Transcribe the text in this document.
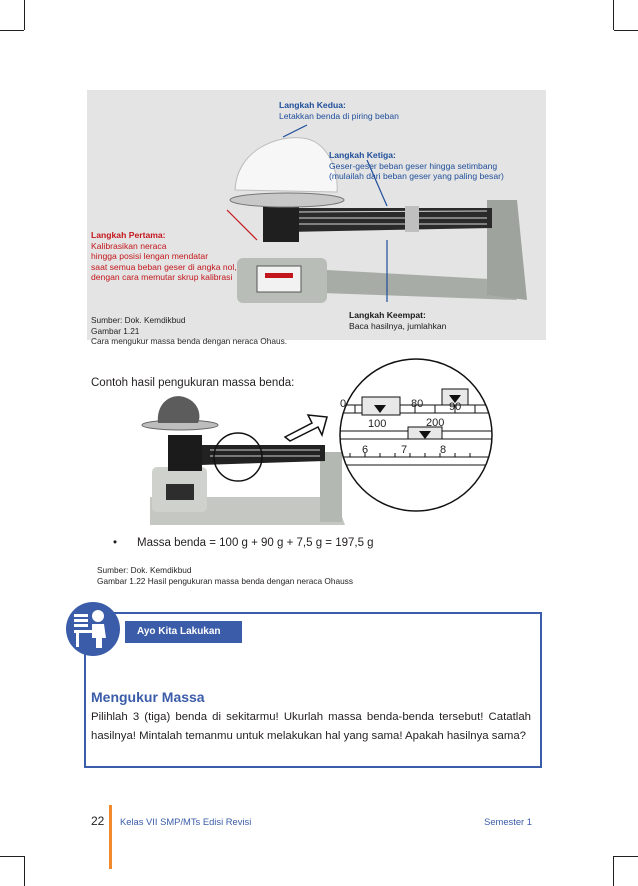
Langkah Kedua:
Letakkan benda di piring beban
Langkah Ketiga:
Geser-geser beban geser hingga setimbang
(mulailah dari beban geser yang paling besar)
Langkah Pertama:
Kalibrasikan neraca
hingga posisi lengan mendatar
saat semua beban geser di angka nol,
dengan cara memutar skrup kalibrasi
Langkah Keempat:
Baca hasilnya, jumlahkan
Sumber: Dok. Kemdikbud
Gambar 1.21
Cara mengukur massa benda dengan neraca Ohaus.
Contoh hasil pengukuran massa benda:
0	80 90
100	200
6	7	8
• Massa benda = 100 g + 90 g + 7,5 g = 197,5 g
Sumber: Dok. Kemdikbud
Gambar 1.22 Hasil pengukuran massa benda dengan neraca Ohauss
Ayo Kita Lakukan
Mengukur Massa
Pilihlah 3 (tiga) benda di sekitarmu! Ukurlah massa benda-benda tersebut! Catatlah hasilnya! Mintalah temanmu untuk melakukan hal yang sama! Apakah hasilnya sama?
22 Kelas VII SMP/MTs Edisi Revisi	Semester 1
